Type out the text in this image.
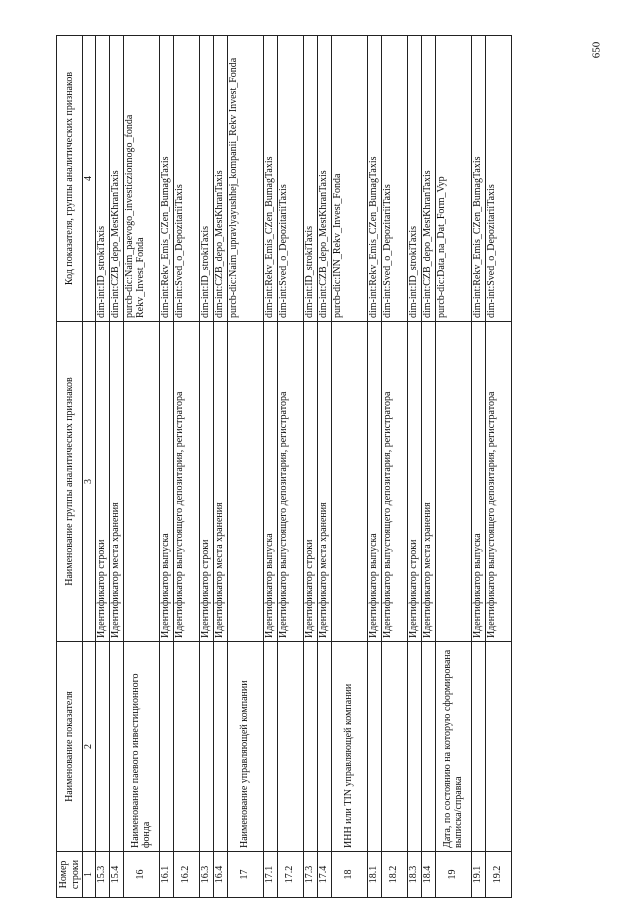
650
Номер строки	Наименование показателя	Наименование группы аналитических признаков	Код показателя, группы аналитических признаков
1	2	3	4
15.3		Идентификатор строки	dim-int:ID_strokiTaxis
15.4		Идентификатор места хранения	dim-int:CZB_depo_MestKhranTaxis
16	Наименование паевого инвестиционного фонда		purcb-dic:Naim_paevogo_investiczionnogo_fonda Rekv_Invest_Fonda
16.1		Идентификатор выпуска	dim-int:Rekv_Emis_CZen_BumagTaxis
16.2		Идентификатор выпустоящего депозитария, регистратора	dim-int:Sved_o_DepozitariiTaxis
16.3		Идентификатор строки	dim-int:ID_strokiTaxis
16.4		Идентификатор места хранения	dim-int:CZB_depo_MestKhranTaxis
17	Наименование управляющей компании		purcb-dic:Naim_upravlyayushhej_kompanii_Rekv Invest_Fonda
17.1		Идентификатор выпуска	dim-int:Rekv_Emis_CZen_BumagTaxis
17.2		Идентификатор выпустоящего депозитария, регистратора	dim-int:Sved_o_DepozitariiTaxis
17.3		Идентификатор строки	dim-int:ID_strokiTaxis
17.4		Идентификатор места хранения	dim-int:CZB_depo_MestKhranTaxis
18	ИНН или TIN управляющей компании		purcb-dic:INN_Rekv_Invest_Fonda
18.1		Идентификатор выпуска	dim-int:Rekv_Emis_CZen_BumagTaxis
18.2		Идентификатор выпустоящего депозитария, регистратора	dim-int:Sved_o_DepozitariiTaxis
18.3		Идентификатор строки	dim-int:ID_strokiTaxis
18.4		Идентификатор места хранения	dim-int:CZB_depo_MestKhranTaxis
19	Дата, по состоянию на которую сформирована выписка/справка		purcb-dic:Data_na_Dat_Form_Vyp
19.1		Идентификатор выпуска	dim-int:Rekv_Emis_CZen_BumagTaxis
19.2		Идентификатор выпустоящего депозитария, регистратора	dim-int:Sved_o_DepozitariiTaxis
